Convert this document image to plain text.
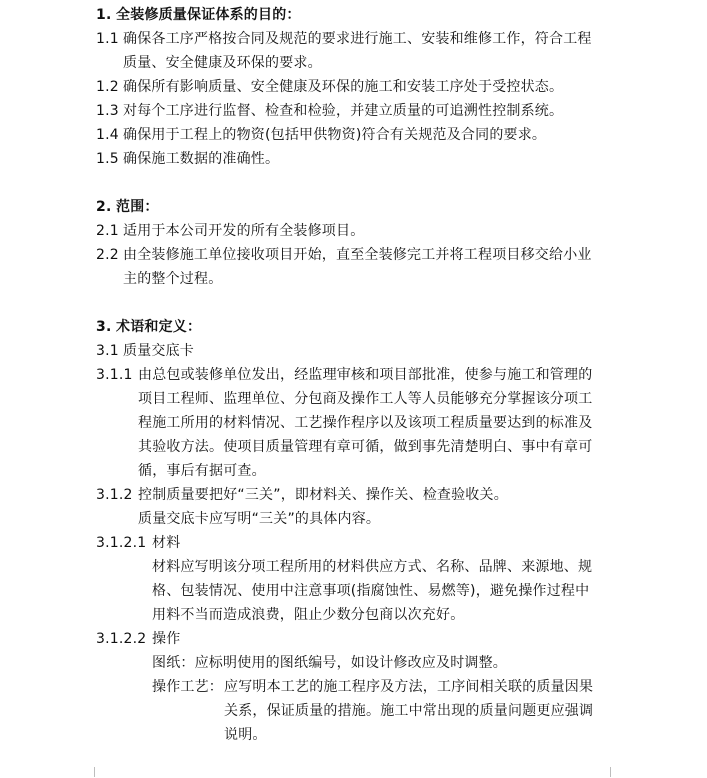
1. 全装修质量保证体系的目的：
1.1 确保各工序严格按合同及规范的要求进行施工、安装和维修工作，符合工程
质量、安全健康及环保的要求。
1.2 确保所有影响质量、安全健康及环保的施工和安装工序处于受控状态。
1.3 对每个工序进行监督、检查和检验，并建立质量的可追溯性控制系统。
1.4 确保用于工程上的物资(包括甲供物资)符合有关规范及合同的要求。
1.5 确保施工数据的准确性。
2. 范围：
2.1 适用于本公司开发的所有全装修项目。
2.2 由全装修施工单位接收项目开始，直至全装修完工并将工程项目移交给小业
主的整个过程。
3. 术语和定义：
3.1 质量交底卡
3.1.1 由总包或装修单位发出，经监理审核和项目部批准，使参与施工和管理的
项目工程师、监理单位、分包商及操作工人等人员能够充分掌握该分项工
程施工所用的材料情况、工艺操作程序以及该项工程质量要达到的标准及
其验收方法。使项目质量管理有章可循，做到事先清楚明白、事中有章可
循，事后有据可查。
3.1.2 控制质量要把好“三关”，即材料关、操作关、检查验收关。
质量交底卡应写明“三关”的具体内容。
3.1.2.1 材料
材料应写明该分项工程所用的材料供应方式、名称、品牌、来源地、规
格、包装情况、使用中注意事项(指腐蚀性、易燃等)，避免操作过程中
用料不当而造成浪费，阻止少数分包商以次充好。
3.1.2.2 操作
图纸：应标明使用的图纸编号，如设计修改应及时调整。
操作工艺：应写明本工艺的施工程序及方法，工序间相关联的质量因果
关系，保证质量的措施。施工中常出现的质量问题更应强调
说明。
